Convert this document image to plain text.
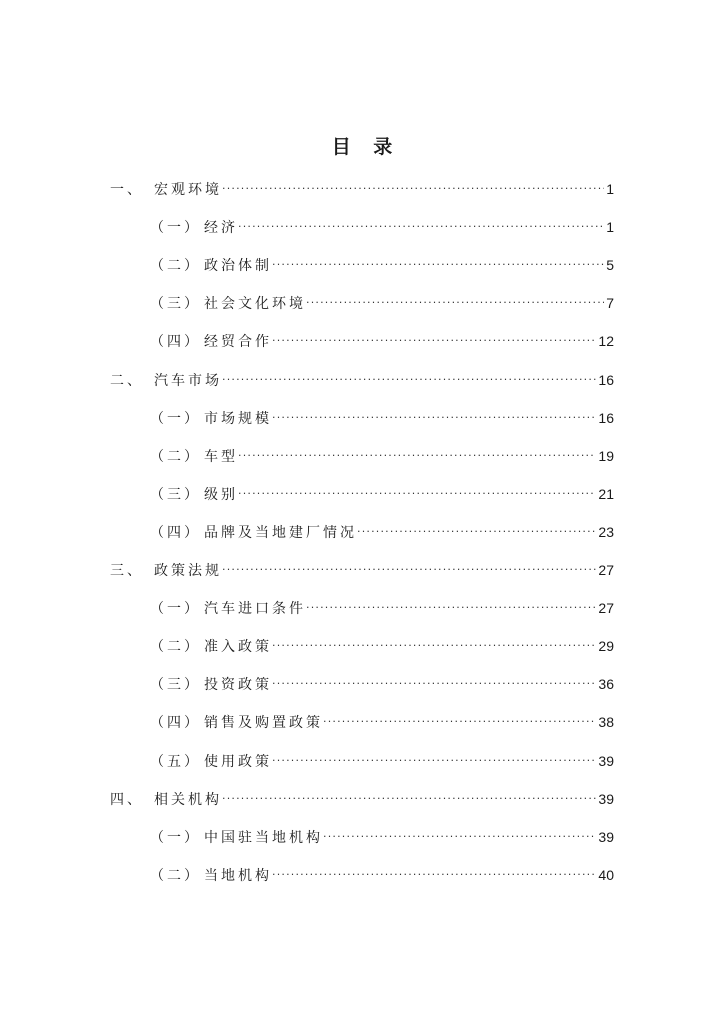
目 录
一、 宏观环境 .....	1
（一） 经济 .....	1
（二） 政治体制 .....	5
（三） 社会文化环境 .....	7
（四） 经贸合作 .....	12
二、 汽车市场 .....	16
（一） 市场规模 .....	16
（二） 车型 .....	19
（三） 级别 .....	21
（四） 品牌及当地建厂情况 .....	23
三、 政策法规 .....	27
（一） 汽车进口条件 .....	27
（二） 准入政策 .....	29
（三） 投资政策 .....	36
（四） 销售及购置政策 .....	38
（五） 使用政策 .....	39
四、 相关机构 .....	39
（一） 中国驻当地机构 .....	39
（二） 当地机构 .....	40
